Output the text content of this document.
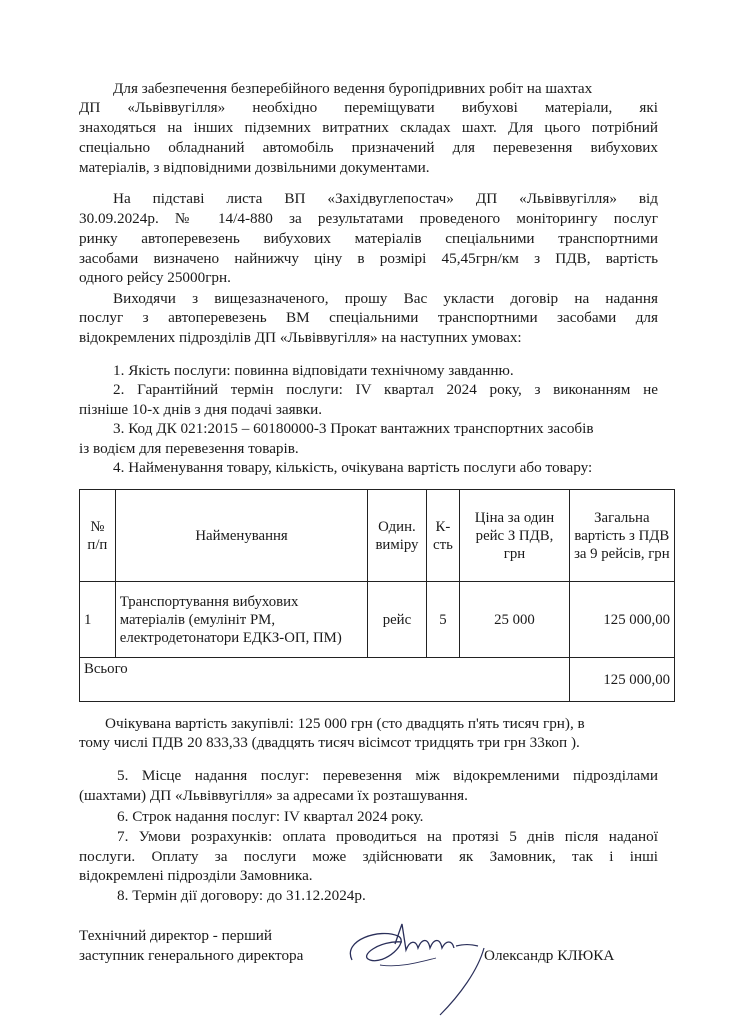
Для забезпечення безперебійного ведення буропідривних робіт на шахтах
ДП «Львіввугілля» необхідно переміщувати вибухові матеріали, які
знаходяться на інших підземних витратних складах шахт. Для цього потрібний
спеціально обладнаний автомобіль призначений для перевезення вибухових
матеріалів, з відповідними дозвільними документами.
На підставі листа ВП «Західвуглепостач» ДП «Львіввугілля» від
30.09.2024р. № 14/4-880 за результатами проведеного моніторингу послуг
ринку автоперевезень вибухових матеріалів спеціальними транспортними
засобами визначено найнижчу ціну в розмірі 45,45грн/км з ПДВ, вартість
одного рейсу 25000грн.
Виходячи з вищезазначеного, прошу Вас укласти договір на надання
послуг з автоперевезень ВМ спеціальними транспортними засобами для
відокремлених підрозділів ДП «Львіввугілля» на наступних умовах:
1. Якість послуги: повинна відповідати технічному завданню.
2. Гарантійний термін послуги: IV квартал 2024 року, з виконанням не
пізніше 10-х днів з дня подачі заявки.
3. Код ДК 021:2015 – 60180000-3 Прокат вантажних транспортних засобів
із водієм для перевезення товарів.
4. Найменування товару, кількість, очікувана вартість послуги або товару:
№ п/п	Найменування	Один. виміру	К-сть	Ціна за один рейс З ПДВ, грн	Загальна вартість з ПДВ за 9 рейсів, грн
1	Транспортування вибухових матеріалів (емулініт РМ, електродетонатори ЕДКЗ-ОП, ПМ)	рейс	5	25 000	125 000,00
Всього					125 000,00
Очікувана вартість закупівлі: 125 000 грн (сто двадцять п'ять тисяч грн), в
тому числі ПДВ 20 833,33 (двадцять тисяч вісімсот тридцять три грн 33коп ).
5. Місце надання послуг: перевезення між відокремленими підрозділами
(шахтами) ДП «Львіввугілля» за адресами їх розташування.
6. Строк надання послуг: IV квартал 2024 року.
7. Умови розрахунків: оплата проводиться на протязі 5 днів після наданої
послуги. Оплату за послуги може здійснювати як Замовник, так і інші
відокремлені підрозділи Замовника.
8. Термін дії договору: до 31.12.2024р.
Технічний директор - перший
заступник генерального директора	Олександр КЛЮКА
